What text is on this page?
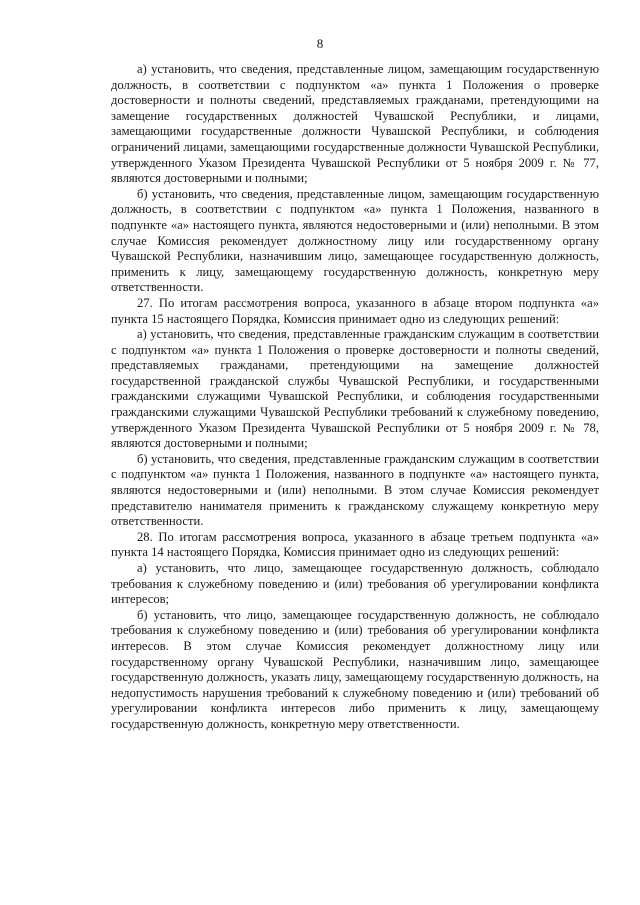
8

а) установить, что сведения, представленные лицом, замещающим государственную должность, в соответствии с подпунктом «а» пункта 1 Положения о проверке достоверности и полноты сведений, представляемых гражданами, претендующими на замещение государственных должностей Чувашской Республики, и лицами, замещающими государственные должности Чувашской Республики, и соблюдения ограничений лицами, замещающими государственные должности Чувашской Республики, утвержденного Указом Президента Чувашской Республики от 5 ноября 2009 г. № 77, являются достоверными и полными;

б) установить, что сведения, представленные лицом, замещающим государственную должность, в соответствии с подпунктом «а» пункта 1 Положения, названного в подпункте «а» настоящего пункта, являются недостоверными и (или) неполными. В этом случае Комиссия рекомендует должностному лицу или государственному органу Чувашской Республики, назначившим лицо, замещающее государственную должность, применить к лицу, замещающему государственную должность, конкретную меру ответственности.

27. По итогам рассмотрения вопроса, указанного в абзаце втором подпункта «а» пункта 15 настоящего Порядка, Комиссия принимает одно из следующих решений:

а) установить, что сведения, представленные гражданским служащим в соответствии с подпунктом «а» пункта 1 Положения о проверке достоверности и полноты сведений, представляемых гражданами, претендующими на замещение должностей государственной гражданской службы Чувашской Республики, и государственными гражданскими служащими Чувашской Республики, и соблюдения государственными гражданскими служащими Чувашской Республики требований к служебному поведению, утвержденного Указом Президента Чувашской Республики от 5 ноября 2009 г. № 78, являются достоверными и полными;

б) установить, что сведения, представленные гражданским служащим в соответствии с подпунктом «а» пункта 1 Положения, названного в подпункте «а» настоящего пункта, являются недостоверными и (или) неполными. В этом случае Комиссия рекомендует представителю нанимателя применить к гражданскому служащему конкретную меру ответственности.

28. По итогам рассмотрения вопроса, указанного в абзаце третьем подпункта «а» пункта 14 настоящего Порядка, Комиссия принимает одно из следующих решений:

а) установить, что лицо, замещающее государственную должность, соблюдало требования к служебному поведению и (или) требования об урегулировании конфликта интересов;

б) установить, что лицо, замещающее государственную должность, не соблюдало требования к служебному поведению и (или) требования об урегулировании конфликта интересов. В этом случае Комиссия рекомендует должностному лицу или государственному органу Чувашской Республики, назначившим лицо, замещающее государственную должность, указать лицу, замещающему государственную должность, на недопустимость нарушения требований к служебному поведению и (или) требований об урегулировании конфликта интересов либо применить к лицу, замещающему государственную должность, конкретную меру ответственности.
